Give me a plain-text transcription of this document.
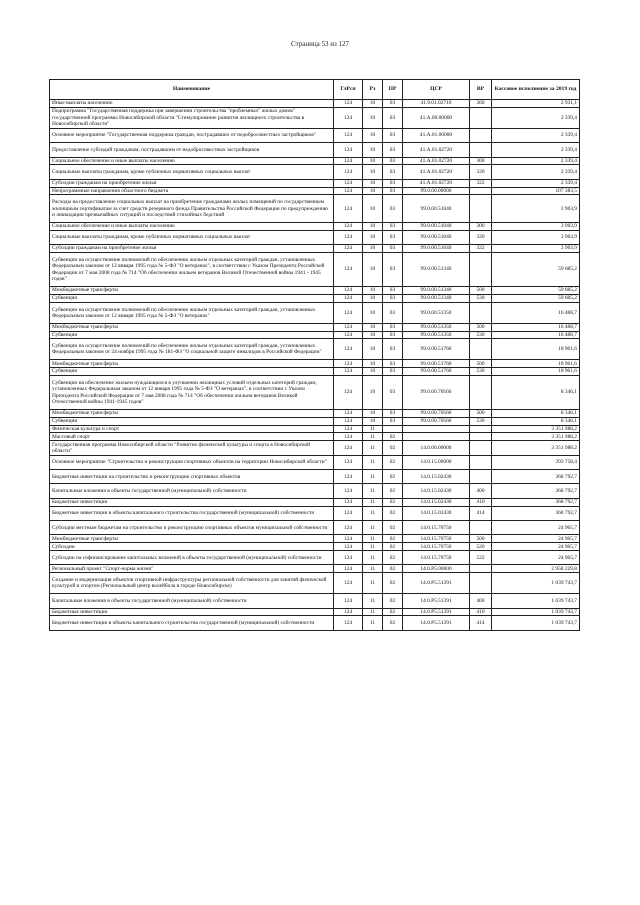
Страница 53 из 127
Наименование	ГлРсп	Рз	ПР	ЦСР	ВР	Кассовое исполнение за 2019 год
Иные выплаты населению	124	10	03	41.9.01.02710	360	2 931,1
Подпрограмма "Государственная поддержка при завершении строительства "проблемных" жилых домов" государственной программы Новосибирской области "Стимулирование развития жилищного строительства в Новосибирской области"	124	10	03	41.А.00.00000		2 339,4
Основное мероприятие "Государственная поддержка граждан, пострадавших от недобросовестных застройщиков"	124	10	03	41.А.01.00000		2 339,4
Предоставление субсидий гражданам, пострадавшим от недобросовестных застройщиков	124	10	03	41.А.01.02720		2 339,4
Социальное обеспечение и иные выплаты населению	124	10	03	41.А.01.02720	300	2 339,4
Социальные выплаты гражданам, кроме публичных нормативных социальных выплат	124	10	03	41.А.01.02720	320	2 339,4
Субсидии гражданам на приобретение жилья	124	10	03	41.А.01.02720	322	2 339,4
Непрограммные направления областного бюджета	124	10	03	99.0.00.00000		107 383,5
Расходы на предоставление социальных выплат на приобретение гражданами жилых помещений по государственным жилищным сертификатам за счет средств резервного фонда Правительства Российской Федерации по предупреждению и ликвидации чрезвычайных ситуаций и последствий стихийных бедствий	124	10	03	99.0.00.51040		3 903,9
Социальное обеспечение и иные выплаты населению	124	10	03	99.0.00.51040	300	3 903,9
Социальные выплаты гражданам, кроме публичных нормативных социальных выплат	124	10	03	99.0.00.51040	320	3 903,9
Субсидии гражданам на приобретение жилья	124	10	03	99.0.00.51040	322	3 903,9
Субвенции на осуществление полномочий по обеспечению жильем отдельных категорий граждан, установленных Федеральным законом от 12 января 1995 года № 5-ФЗ "О ветеранах", в соответствии с Указом Президента Российской Федерации от 7 мая 2008 года № 714 "Об обеспечении жильем ветеранов Великой Отечественной войны 1941 - 1945 годов"	124	10	03	99.0.00.51340		59 685,2
Межбюджетные трансферты	124	10	03	99.0.00.51340	500	59 685,2
Субвенции	124	10	03	99.0.00.51340	530	59 685,2
Субвенции на осуществление полномочий по обеспечению жильем отдельных категорий граждан, установленных Федеральным законом от 12 января 1995 года № 5-ФЗ "О ветеранах"	124	10	03	99.0.00.51350		16 488,7
Межбюджетные трансферты	124	10	03	99.0.00.51350	500	16 488,7
Субвенции	124	10	03	99.0.00.51350	530	16 488,7
Субвенции на осуществление полномочий по обеспечению жильем отдельных категорий граждан, установленных Федеральным законом от 24 ноября 1995 года № 181-ФЗ "О социальной защите инвалидов в Российской Федерации"	124	10	03	99.0.00.51760		18 961,6
Межбюджетные трансферты	124	10	03	99.0.00.51760	500	18 961,6
Субвенции	124	10	03	99.0.00.51760	530	18 961,6
Субвенции на обеспечение жильем нуждающихся в улучшении жилищных условий отдельных категорий граждан, установленных Федеральным законом от 12 января 1995 года № 5-ФЗ "О ветеранах", в соответствии с Указом Президента Российской Федерации от 7 мая 2008 года № 714 "Об обеспечении жильем ветеранов Великой Отечественной войны 1941-1945 годов"	124	10	03	99.0.00.70560		8 346,1
Межбюджетные трансферты	124	10	03	99.0.00.70560	500	8 346,1
Субвенции	124	10	03	99.0.00.70560	530	8 346,1
Физическая культура и спорт	124	11				3 351 988,2
Массовый спорт	124	11	02			3 351 988,2
Государственная программа Новосибирской области "Развитие физической культуры и спорта в Новосибирской области"	124	11	02	14.0.00.00000		3 351 988,2
Основное мероприятие "Строительство и реконструкция спортивных объектов на территории Новосибирской области"	124	11	02	14.0.15.00000		393 758,4
Бюджетные инвестиции на строительство и реконструкцию спортивных объектов	124	11	02	14.0.15.02430		368 792,7
Капитальные вложения в объекты государственной (муниципальной) собственности	124	11	02	14.0.15.02430	400	368 792,7
Бюджетные инвестиции	124	11	02	14.0.15.02430	410	368 792,7
Бюджетные инвестиции в объекты капитального строительства государственной (муниципальной) собственности	124	11	02	14.0.15.02430	414	368 792,7
Субсидии местным бюджетам на строительство и реконструкцию спортивных объектов муниципальной собственности	124	11	02	14.0.15.70750		24 965,7
Межбюджетные трансферты	124	11	02	14.0.15.70750	500	24 965,7
Субсидии	124	11	02	14.0.15.70750	520	24 965,7
Субсидии на софинансирование капитальных вложений в объекты государственной (муниципальной) собственности	124	11	02	14.0.15.70750	522	24 965,7
Региональный проект "Спорт-норма жизни"	124	11	02	14.0.P5.00000		2 958 229,8
Создание и модернизация объектов спортивной инфраструктуры региональной собственности для занятий физической культурой и спортом (Региональный центр волейбола в городе Новосибирске)	124	11	02	14.0.P5.51391		1 039 743,7
Капитальные вложения в объекты государственной (муниципальной) собственности	124	11	02	14.0.P5.51391	400	1 039 743,7
Бюджетные инвестиции	124	11	02	14.0.P5.51391	410	1 039 743,7
Бюджетные инвестиции в объекты капитального строительства государственной (муниципальной) собственности	124	11	02	14.0.P5.51391	414	1 039 743,7
